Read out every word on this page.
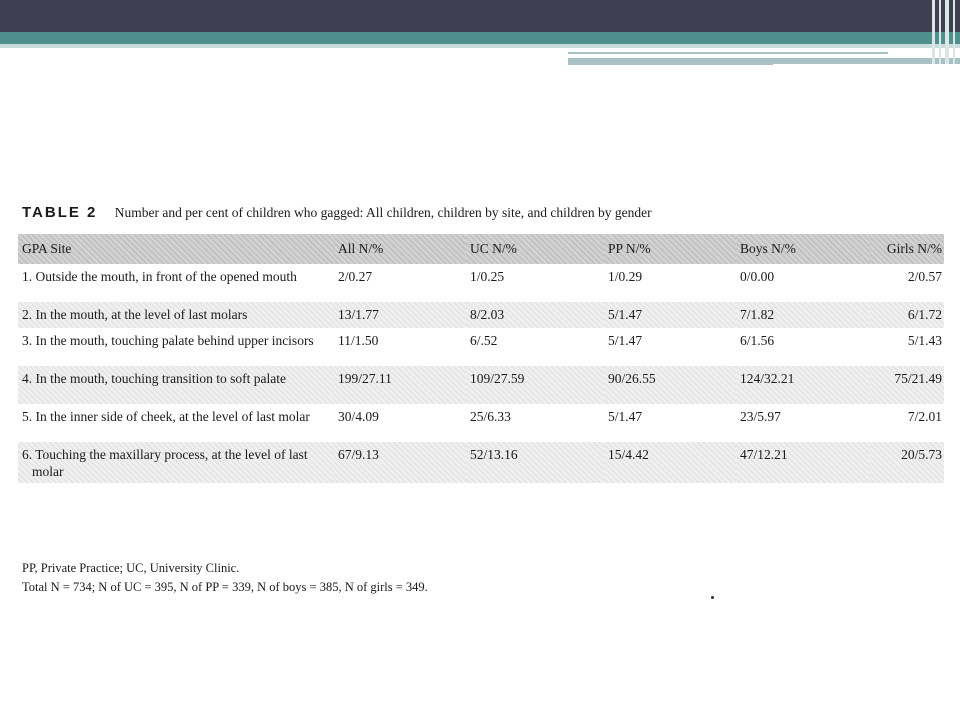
TABLE 2 Number and per cent of children who gagged: All children, children by site, and children by gender
GPA Site	All N/%	UC N/%	PP N/%	Boys N/%	Girls N/%
1. Outside the mouth, in front of the opened mouth	2/0.27	1/0.25	1/0.29	0/0.00	2/0.57
2. In the mouth, at the level of last molars	13/1.77	8/2.03	5/1.47	7/1.82	6/1.72
3. In the mouth, touching palate behind upper incisors	11/1.50	6/.52	5/1.47	6/1.56	5/1.43
4. In the mouth, touching transition to soft palate	199/27.11	109/27.59	90/26.55	124/32.21	75/21.49
5. In the inner side of cheek, at the level of last molar	30/4.09	25/6.33	5/1.47	23/5.97	7/2.01
6. Touching the maxillary process, at the level of last molar	67/9.13	52/13.16	15/4.42	47/12.21	20/5.73
PP, Private Practice; UC, University Clinic.
Total N = 734; N of UC = 395, N of PP = 339, N of boys = 385, N of girls = 349.
